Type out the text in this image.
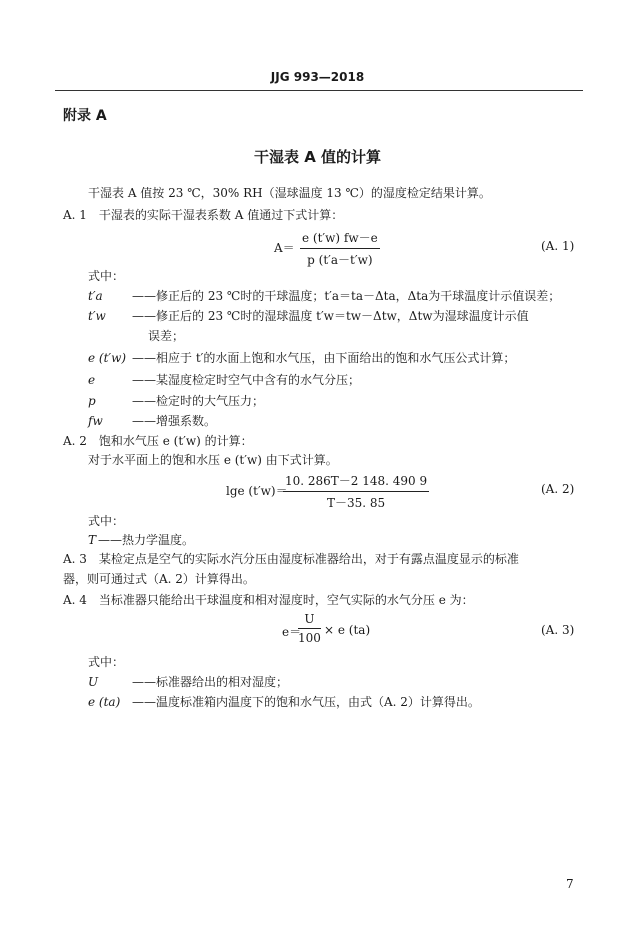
JJG 993—2018
附录 A
干湿表 A 值的计算
干湿表 A 值按 23 ℃，30% RH（湿球温度 13 ℃）的湿度检定结果计算。
A. 1　干湿表的实际干湿表系数 A 值通过下式计算：
$A= \frac{e (t'w) fw-e}{p (t'a-t'w)}$	(A. 1)
式中：
t′a ——修正后的 23 ℃时的干球温度；t′a＝ta－Δta，Δta为干球温度计示值误差；
t′w ——修正后的 23 ℃时的湿球温度 t′w＝tw－Δtw，Δtw为湿球温度计示值
误差；
e (t′w) ——相应于 t′的水面上饱和水气压，由下面给出的饱和水气压公式计算；
e	——某湿度检定时空气中含有的水气分压；
p	——检定时的大气压力；
fw ——增强系数。
A. 2　饱和水气压 e (t′w) 的计算：
对于水平面上的饱和水压 e (t′w) 由下式计算。
lge (t′w)＝
$\frac{10. 286T-2 148. 490 9}{T-35. 85}$	(A. 2)
式中：
T ——热力学温度。
A. 3　某检定点是空气的实际水汽分压由湿度标准器给出，对于有露点温度显示的标准
器，则可通过式（A. 2）计算得出。
A. 4　当标准器只能给出干球温度和相对湿度时，空气实际的水气分压 e 为：
e＝
$\frac{U}{100} \times e$ (ta)	(A. 3)
式中：
U	——标准器给出的相对湿度；
e (ta) ——温度标准箱内温度下的饱和水气压，由式（A. 2）计算得出。
7
